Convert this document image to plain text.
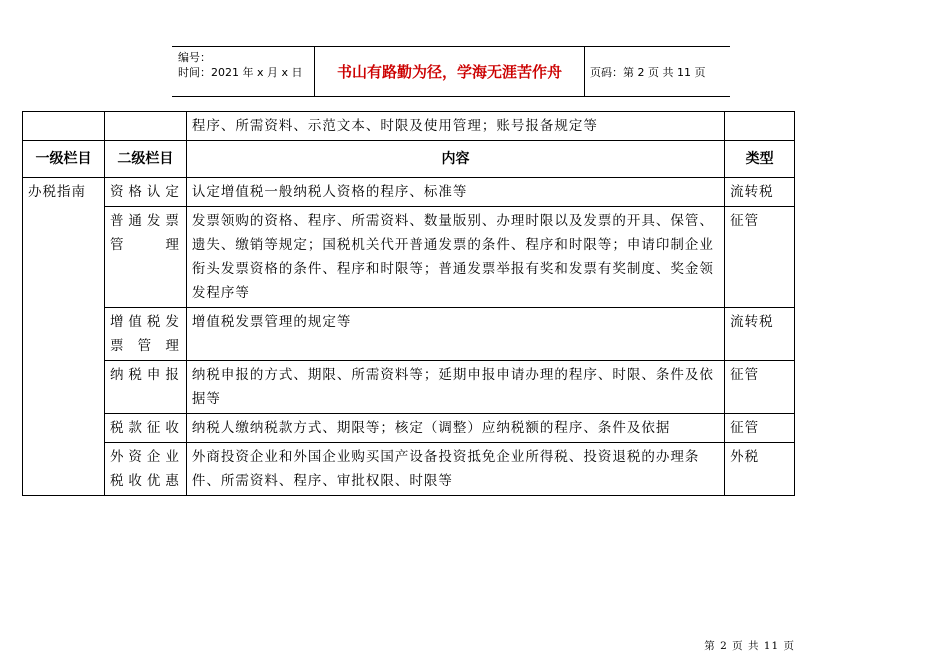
编号：
时间：2021 年 x 月 x 日	书山有路勤为径，学海无涯苦作舟	页码：第 2 页 共 11 页
		程序、所需资料、示范文本、时限及使用管理；账号报备规定等	
一级栏目	二级栏目	内容	类型
办税指南	资格认定	认定增值税一般纳税人资格的程序、标准等	流转税
	普通发票管理	发票领购的资格、程序、所需资料、数量版别、办理时限以及发票的开具、保管、遗失、缴销等规定；国税机关代开普通发票的条件、程序和时限等；申请印制企业衔头发票资格的条件、程序和时限等；普通发票举报有奖和发票有奖制度、奖金领发程序等	征管
	增值税发票管理	增值税发票管理的规定等	流转税
	纳税申报	纳税申报的方式、期限、所需资料等；延期申报申请办理的程序、时限、条件及依据等	征管
	税款征收	纳税人缴纳税款方式、期限等；核定（调整）应纳税额的程序、条件及依据	征管
	外资企业税收优惠	外商投资企业和外国企业购买国产设备投资抵免企业所得税、投资退税的办理条件、所需资料、程序、审批权限、时限等	外税
第 2 页 共 11 页
